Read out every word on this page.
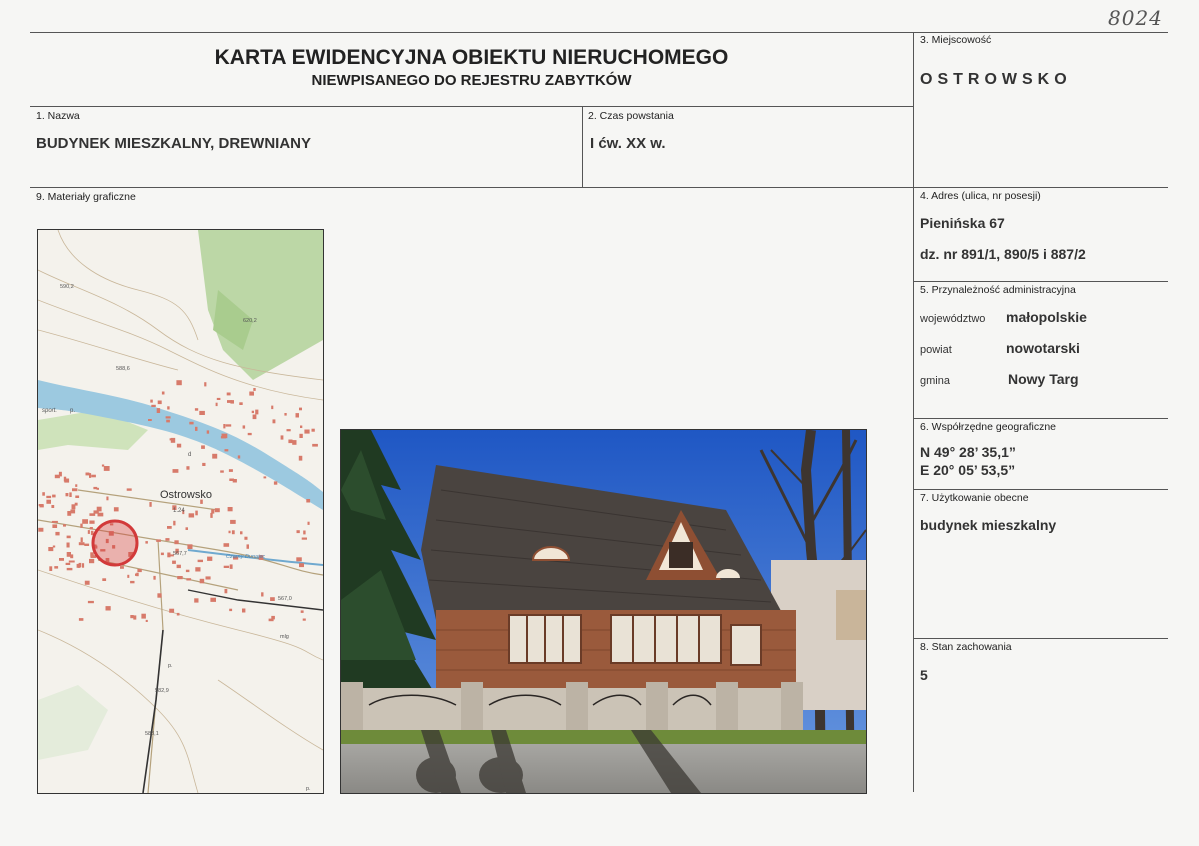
8024
KARTA EWIDENCYJNA OBIEKTU NIERUCHOMEGO
NIEWPISANEGO DO REJESTRU ZABYTKÓW
3. Miejscowość
OSTROWSKO
1. Nazwa
BUDYNEK MIESZKALNY, DREWNIANY
2. Czas powstania
I ćw. XX w.
9. Materiały graficzne	4. Adres (ulica, nr posesji)
Pienińska 67
dz. nr 891/1, 890/5 i 887/2
5. Przynależność administracyjna
województwo małopolskie
powiat	nowotarski
gmina	Nowy Targ
6. Współrzędne geograficzne
N 49° 28’ 35,1”
E 20° 05’ 53,5”
7. Użytkowanie obecne
budynek mieszkalny
8. Stan zachowania
5
Ostrowsko
1.24
590,2
620,2
588,6
567,7
567,0
582,9
588,1
sport. p.
d
Czarny Dunajec
mlg
p.
p.
